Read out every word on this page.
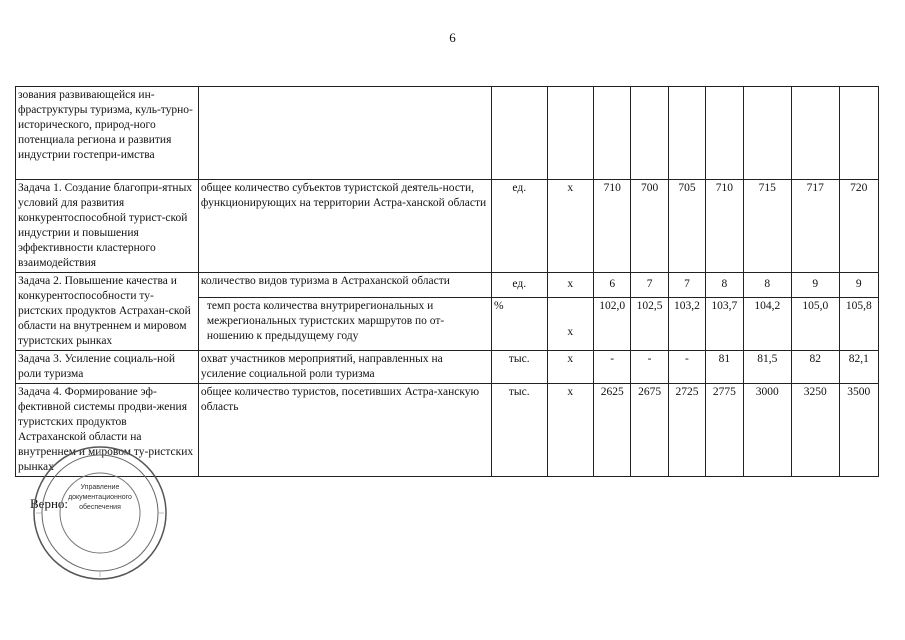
6
зования развивающейся ин-фраструктуры туризма, куль-турно-исторического, природ-ного потенциала региона и развития индустрии гостепри-имства										
Задача 1. Создание благопри-ятных условий для развития конкурентоспособной турист-ской индустрии и повышения эффективности кластерного взаимодействия	общее количество субъектов туристской деятель-ности, функционирующих на территории Астра-ханской области	ед.	х	710	700	705	710	715	717	720
Задача 2. Повышение качества и конкурентоспособности ту-ристских продуктов Астрахан-ской области на внутреннем и мировом туристских рынках	количество видов туризма в Астраханской области	ед.	х	6	7	7	8	8	9	9
	темп роста количества внутрирегиональных и межрегиональных туристских маршрутов по от-ношению к предыдущему году	%	х	102,0	102,5	103,2	103,7	104,2	105,0	105,8
Задача 3. Усиление социаль-ной роли туризма	охват участников мероприятий, направленных на усиление социальной роли туризма	тыс.	х	-	-	-	81	81,5	82	82,1
Задача 4. Формирование эф-фективной системы продви-жения туристских продуктов Астраханской области на внутреннем и мировом ту-ристских рынках	общее количество туристов, посетивших Астра-ханскую область	тыс.	х	2625	2675	2725	2775	3000	3250	3500
Верно:
Управление документационного обеспечения
